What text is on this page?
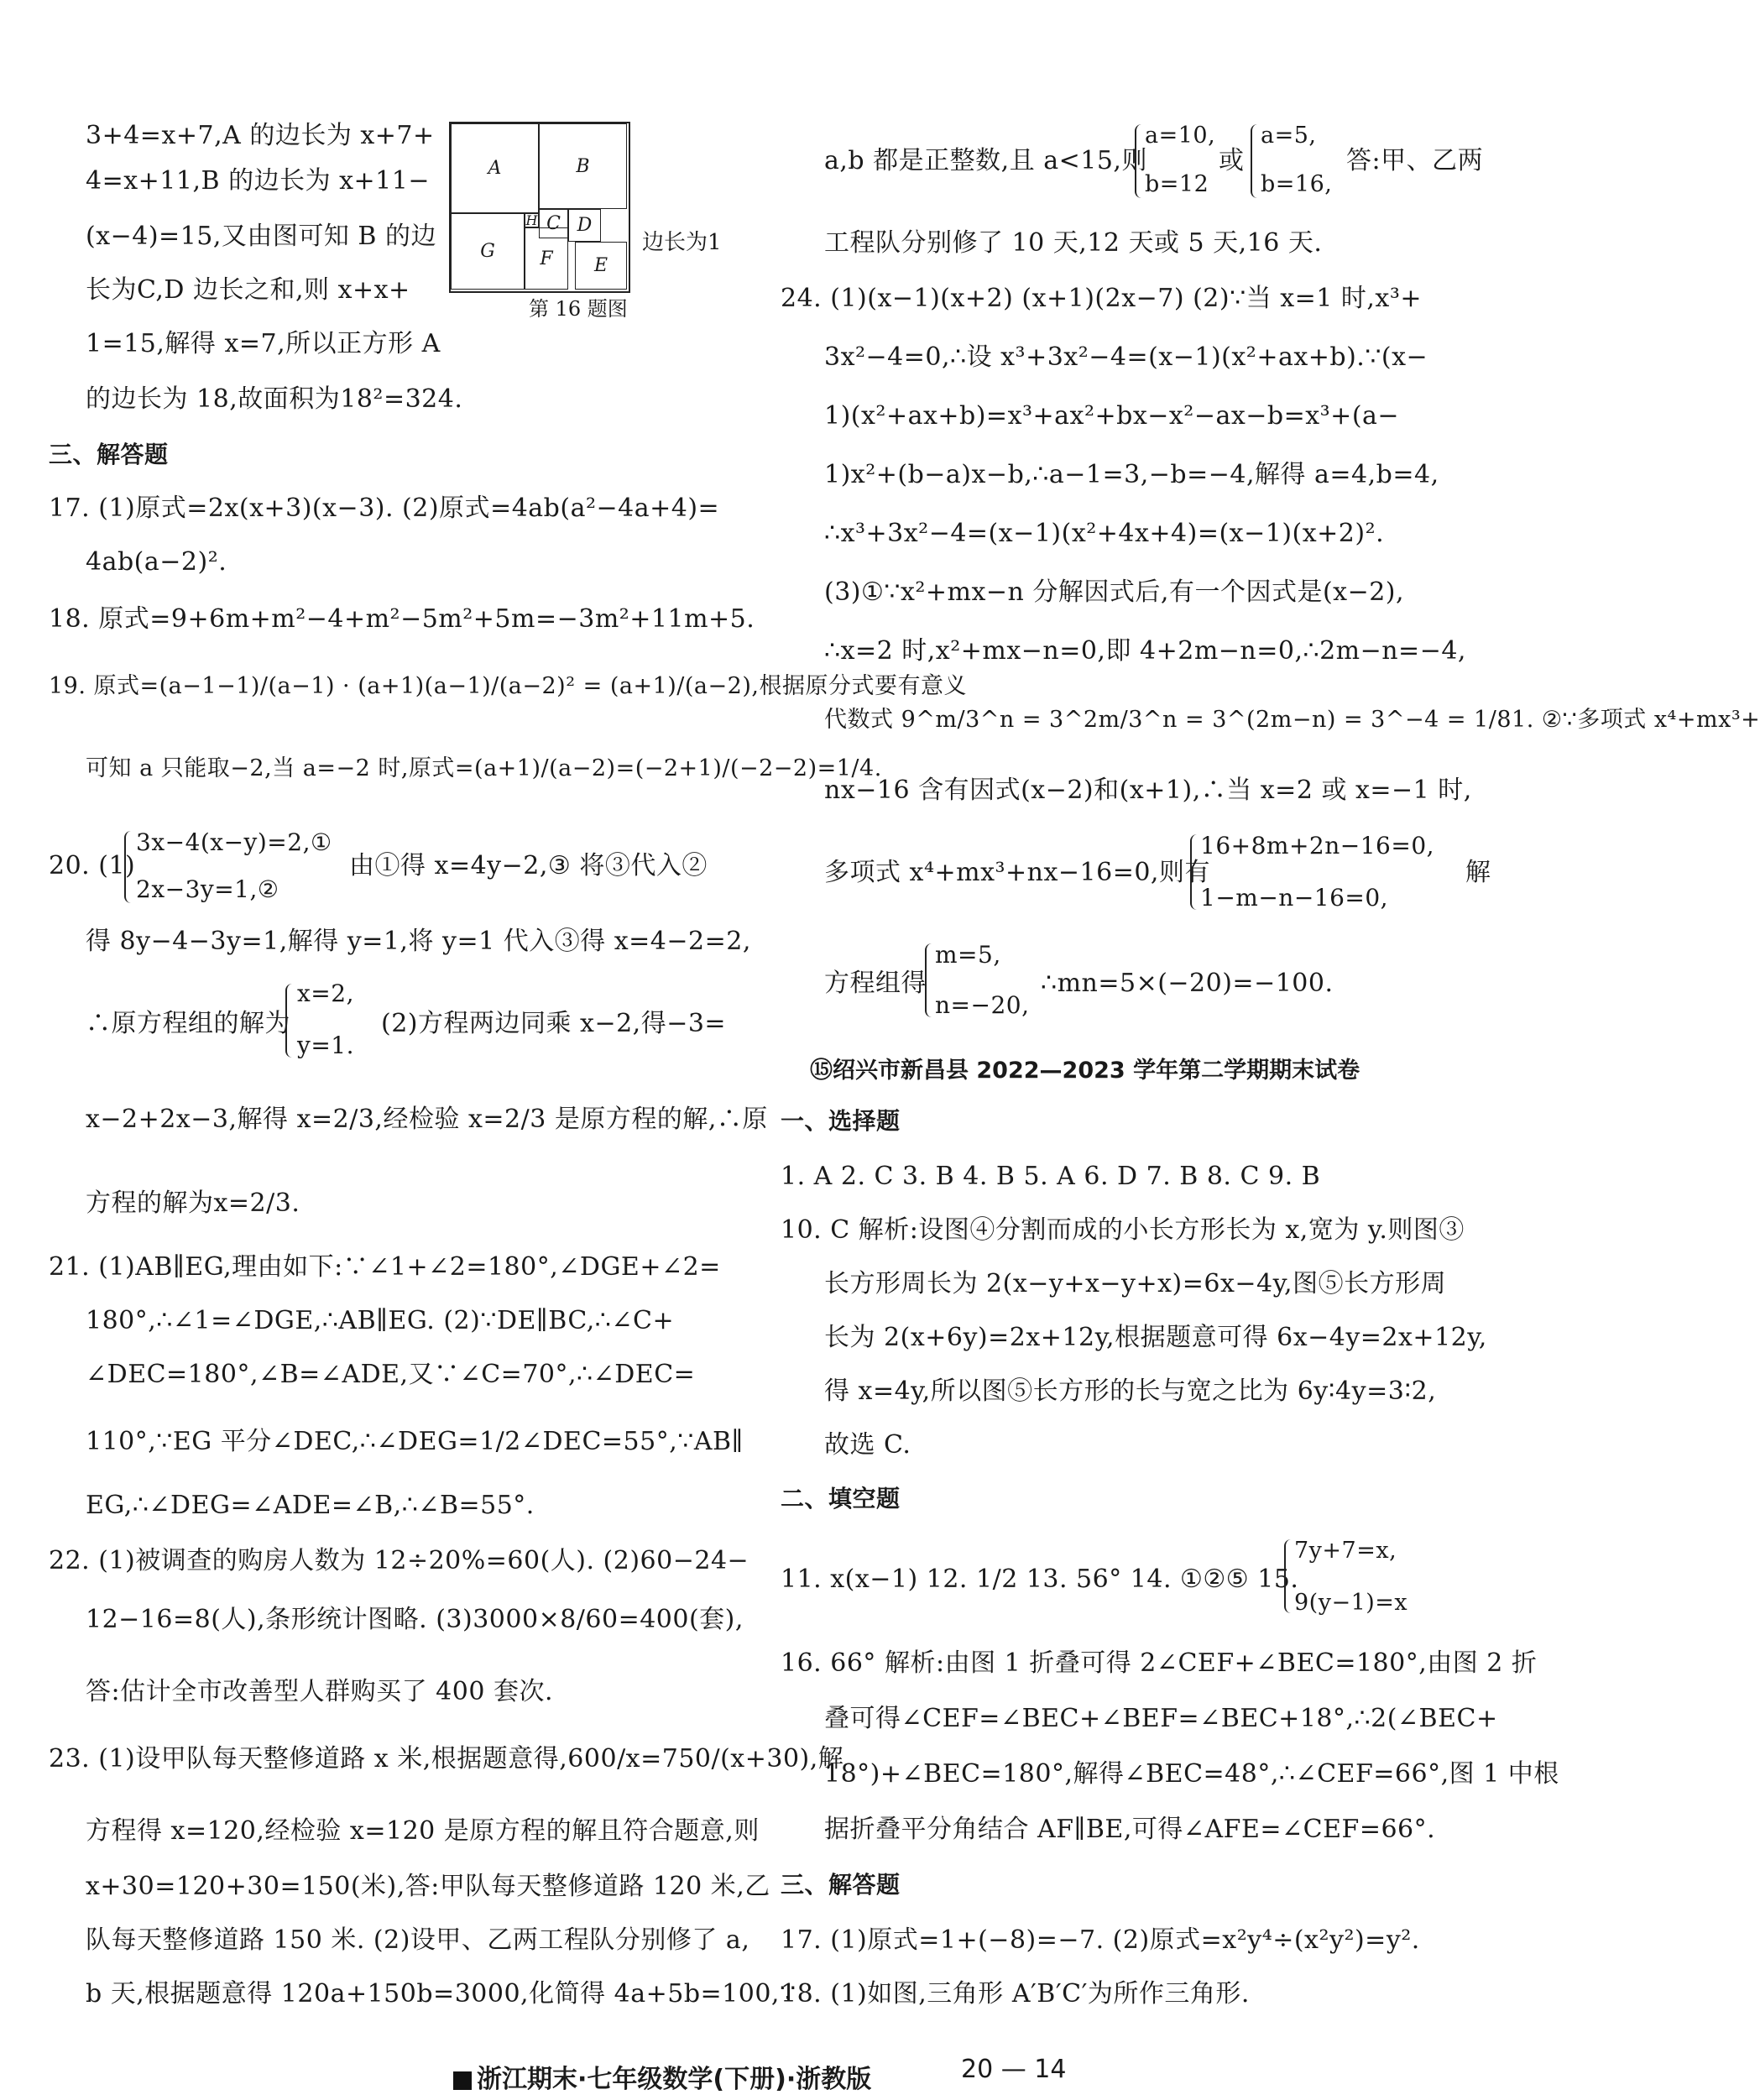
A	B
G
H C D
F E
边长为1
第 16 题图
3+4=x+7,A 的边长为 x+7+
4=x+11,B 的边长为 x+11−
(x−4)=15,又由图可知 B 的边
长为C,D 边长之和,则 x+x+
1=15,解得 x=7,所以正方形 A
的边长为 18,故面积为18²=324.
三、解答题
17. (1)原式=2x(x+3)(x−3). (2)原式=4ab(a²−4a+4)=
4ab(a−2)².
18. 原式=9+6m+m²−4+m²−5m²+5m=−3m²+11m+5.
19. 原式=(a−1−1)/(a−1) · (a+1)(a−1)/(a−2)² = (a+1)/(a−2),根据原分式要有意义
可知 a 只能取−2,当 a=−2 时,原式=(a+1)/(a−2)=(−2+1)/(−2−2)=1/4.
20. (1)
3x−4(x−y)=2,①
2x−3y=1,②
由①得 x=4y−2,③ 将③代入②
得 8y−4−3y=1,解得 y=1,将 y=1 代入③得 x=4−2=2,
∴原方程组的解为
x=2,
y=1.
(2)方程两边同乘 x−2,得−3=
x−2+2x−3,解得 x=2/3,经检验 x=2/3 是原方程的解,∴原
方程的解为x=2/3.
21. (1)AB∥EG,理由如下:∵∠1+∠2=180°,∠DGE+∠2=
180°,∴∠1=∠DGE,∴AB∥EG. (2)∵DE∥BC,∴∠C+
∠DEC=180°,∠B=∠ADE,又∵∠C=70°,∴∠DEC=
110°,∵EG 平分∠DEC,∴∠DEG=1/2∠DEC=55°,∵AB∥
EG,∴∠DEG=∠ADE=∠B,∴∠B=55°.
22. (1)被调查的购房人数为 12÷20%=60(人). (2)60−24−
12−16=8(人),条形统计图略. (3)3000×8/60=400(套),
答:估计全市改善型人群购买了 400 套次.
23. (1)设甲队每天整修道路 x 米,根据题意得,600/x=750/(x+30),解
方程得 x=120,经检验 x=120 是原方程的解且符合题意,则
x+30=120+30=150(米),答:甲队每天整修道路 120 米,乙
队每天整修道路 150 米. (2)设甲、乙两工程队分别修了 a,
b 天,根据题意得 120a+150b=3000,化简得 4a+5b=100,∵
a,b 都是正整数,且 a<15,则
a=10,
b=12
或
a=5,
b=16,
答:甲、乙两
工程队分别修了 10 天,12 天或 5 天,16 天.
24. (1)(x−1)(x+2) (x+1)(2x−7) (2)∵当 x=1 时,x³+
3x²−4=0,∴设 x³+3x²−4=(x−1)(x²+ax+b).∵(x−
1)(x²+ax+b)=x³+ax²+bx−x²−ax−b=x³+(a−
1)x²+(b−a)x−b,∴a−1=3,−b=−4,解得 a=4,b=4,
∴x³+3x²−4=(x−1)(x²+4x+4)=(x−1)(x+2)².
(3)①∵x²+mx−n 分解因式后,有一个因式是(x−2),
∴x=2 时,x²+mx−n=0,即 4+2m−n=0,∴2m−n=−4,
代数式 9^m/3^n = 3^2m/3^n = 3^(2m−n) = 3^−4 = 1/81. ②∵多项式 x⁴+mx³+
nx−16 含有因式(x−2)和(x+1),∴当 x=2 或 x=−1 时,
多项式 x⁴+mx³+nx−16=0,则有
16+8m+2n−16=0,
1−m−n−16=0,
解
方程组得
m=5,
n=−20,
∴mn=5×(−20)=−100.
⑮绍兴市新昌县 2022—2023 学年第二学期期末试卷
一、选择题
1. A 2. C 3. B 4. B 5. A 6. D 7. B 8. C 9. B
10. C 解析:设图④分割而成的小长方形长为 x,宽为 y.则图③
长方形周长为 2(x−y+x−y+x)=6x−4y,图⑤长方形周
长为 2(x+6y)=2x+12y,根据题意可得 6x−4y=2x+12y,
得 x=4y,所以图⑤长方形的长与宽之比为 6y∶4y=3∶2,
故选 C.
二、填空题
11. x(x−1) 12. 1/2 13. 56° 14. ①②⑤ 15.
7y+7=x,
9(y−1)=x
16. 66° 解析:由图 1 折叠可得 2∠CEF+∠BEC=180°,由图 2 折
叠可得∠CEF=∠BEC+∠BEF=∠BEC+18°,∴2(∠BEC+
18°)+∠BEC=180°,解得∠BEC=48°,∴∠CEF=66°,图 1 中根
据折叠平分角结合 AF∥BE,可得∠AFE=∠CEF=66°.
三、解答题
17. (1)原式=1+(−8)=−7. (2)原式=x²y⁴÷(x²y²)=y².
18. (1)如图,三角形 A′B′C′为所作三角形.
浙江期末·七年级数学(下册)·浙教版	20 — 14
